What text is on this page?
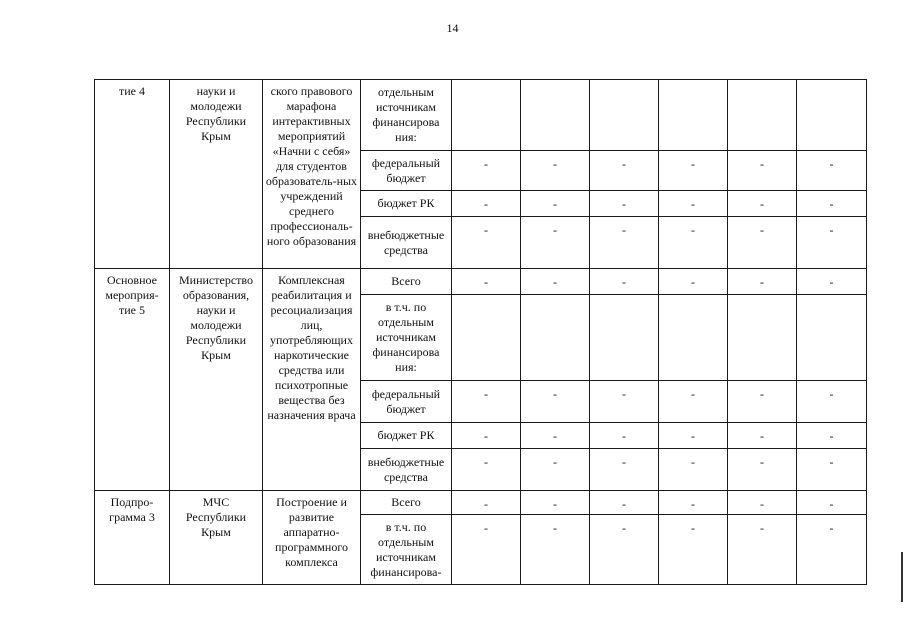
14
тие 4	науки и молодежи Республики Крым	ского правового марафона интерактивных мероприятий «Начни с себя» для студентов образователь-ных учреждений среднего профессиональ-ного образования	отдельным источникам финансирова ния:						
			федеральный бюджет	-	-	-	-	-	-
			бюджет РК	-	-	-	-	-	-
			внебюджетные средства	-	-	-	-	-	-
Основное мероприя-тие 5	Министерство образования, науки и молодежи Республики Крым	Комплексная реабилитация и ресоциализация лиц, употребляющих наркотические средства или психотропные вещества без назначения врача	Всего	-	-	-	-	-	-
			в т.ч. по отдельным источникам финансирова ния:						
			федеральный бюджет	-	-	-	-	-	-
			бюджет РК	-	-	-	-	-	-
			внебюджетные средства	-	-	-	-	-	-
Подпро-грамма 3	МЧС Республики Крым	Построение и развитие аппаратно-программного комплекса	Всего	-	-	-	-	-	-
			в т.ч. по отдельным источникам финансирова-	-	-	-	-	-	-
